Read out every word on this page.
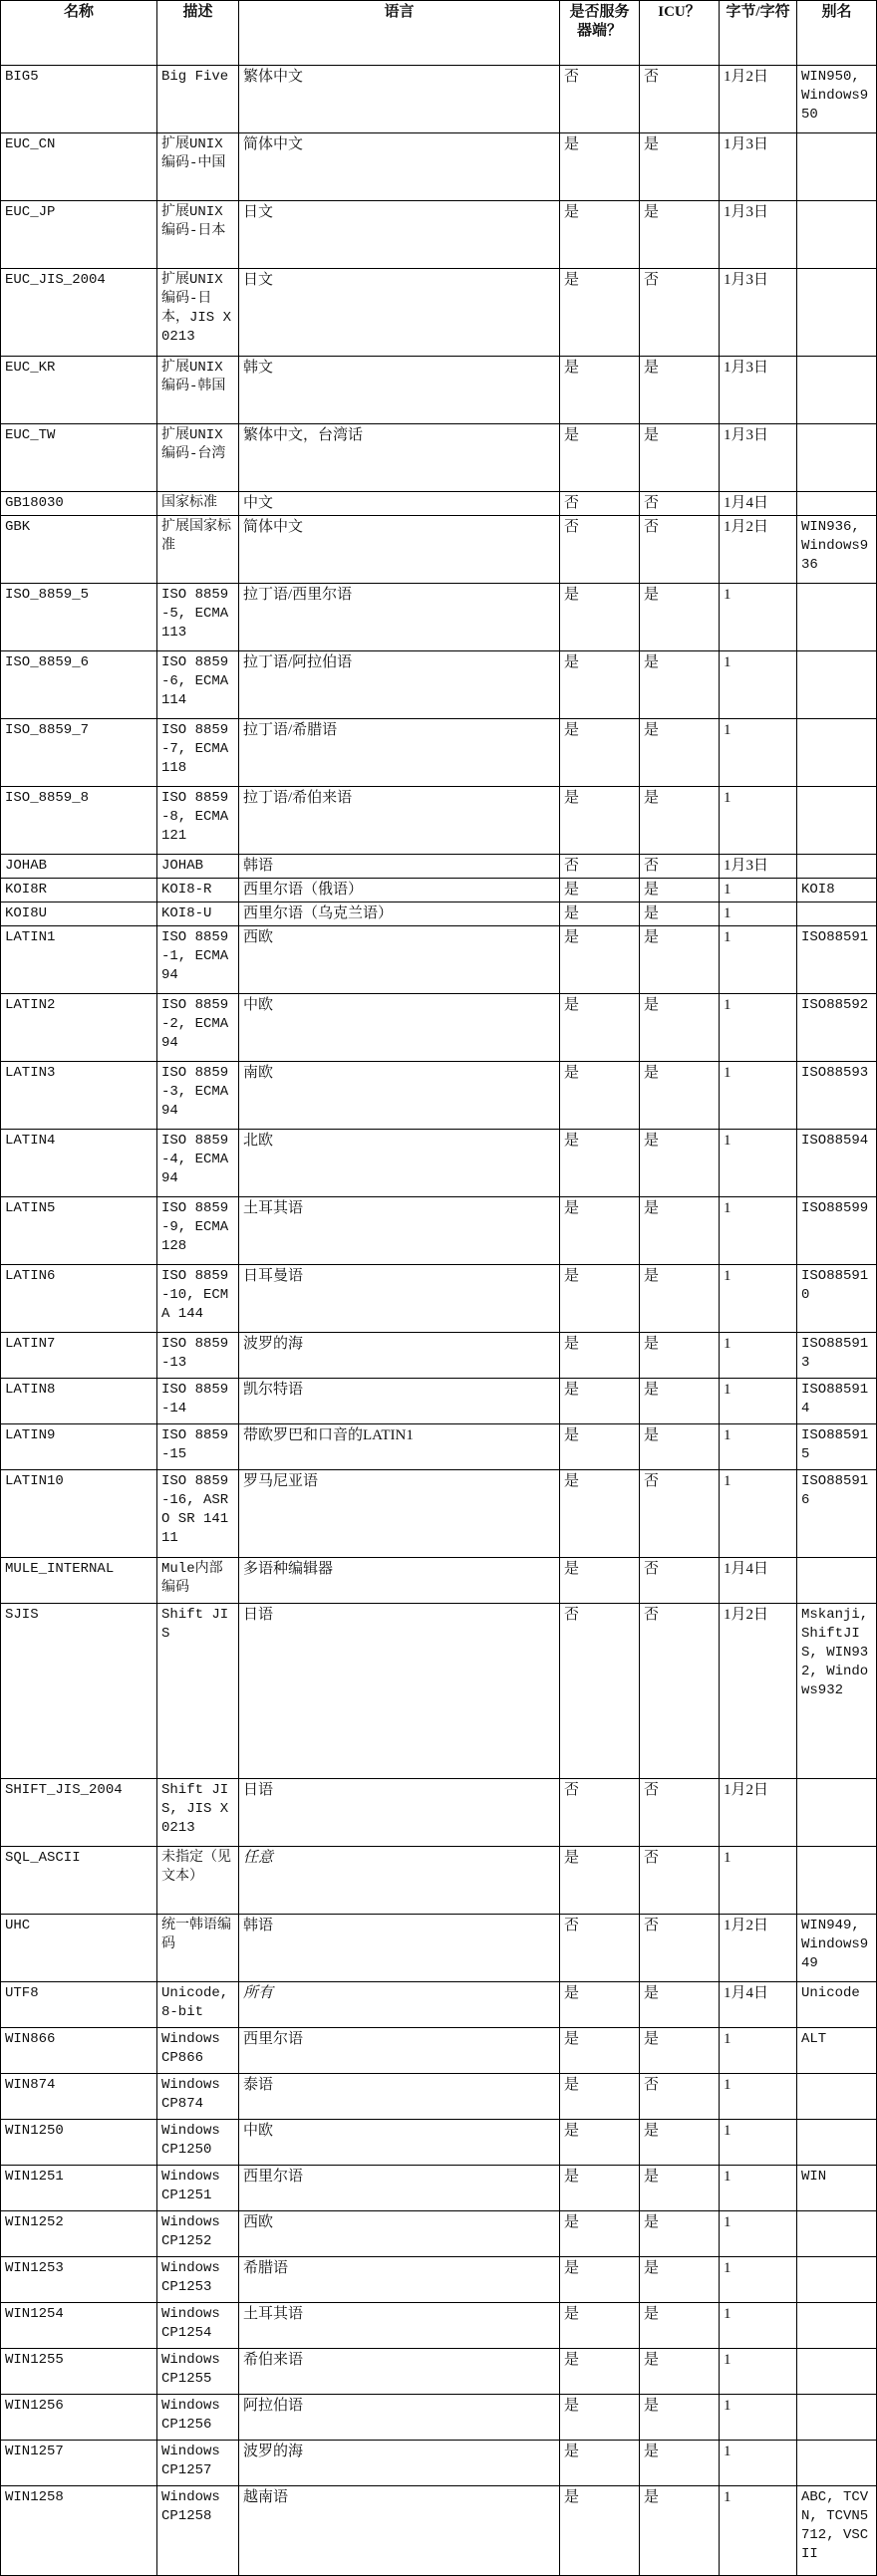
名称	描述	语言	是否服务器端？	ICU？	字节/字符	别名
BIG5	Big Five	繁体中文	否	否	1月2日	WIN950, Windows950
EUC_CN	扩展UNIX编码-中国	简体中文	是	是	1月3日	
EUC_JP	扩展UNIX编码-日本	日文	是	是	1月3日	
EUC_JIS_2004	扩展UNIX编码-日本，JIS X 0213	日文	是	否	1月3日	
EUC_KR	扩展UNIX编码-韩国	韩文	是	是	1月3日	
EUC_TW	扩展UNIX编码-台湾	繁体中文，台湾话	是	是	1月3日	
GB18030	国家标准	中文	否	否	1月4日	
GBK	扩展国家标准	简体中文	否	否	1月2日	WIN936, Windows936
ISO_8859_5	ISO 8859-5, ECMA 113	拉丁语/西里尔语	是	是	1	
ISO_8859_6	ISO 8859-6, ECMA 114	拉丁语/阿拉伯语	是	是	1	
ISO_8859_7	ISO 8859-7, ECMA 118	拉丁语/希腊语	是	是	1	
ISO_8859_8	ISO 8859-8, ECMA 121	拉丁语/希伯来语	是	是	1	
JOHAB	JOHAB	韩语	否	否	1月3日	
KOI8R	KOI8-R	西里尔语（俄语）	是	是	1	KOI8
KOI8U	KOI8-U	西里尔语（乌克兰语）	是	是	1	
LATIN1	ISO 8859-1, ECMA 94	西欧	是	是	1	ISO88591
LATIN2	ISO 8859-2, ECMA 94	中欧	是	是	1	ISO88592
LATIN3	ISO 8859-3, ECMA 94	南欧	是	是	1	ISO88593
LATIN4	ISO 8859-4, ECMA 94	北欧	是	是	1	ISO88594
LATIN5	ISO 8859-9, ECMA 128	土耳其语	是	是	1	ISO88599
LATIN6	ISO 8859-10, ECMA 144	日耳曼语	是	是	1	ISO885910
LATIN7	ISO 8859-13	波罗的海	是	是	1	ISO885913
LATIN8	ISO 8859-14	凯尔特语	是	是	1	ISO885914
LATIN9	ISO 8859-15	带欧罗巴和口音的LATIN1	是	是	1	ISO885915
LATIN10	ISO 8859-16, ASRO SR 14111	罗马尼亚语	是	否	1	ISO885916
MULE_INTERNAL	Mule内部编码	多语种编辑器	是	否	1月4日	
SJIS	Shift JIS	日语	否	否	1月2日	Mskanji, ShiftJIS, WIN932, Windows932
SHIFT_JIS_2004	Shift JIS, JIS X 0213	日语	否	否	1月2日	
SQL_ASCII	未指定（见文本）	任意	是	否	1	
UHC	统一韩语编码	韩语	否	否	1月2日	WIN949, Windows949
UTF8	Unicode, 8-bit	所有	是	是	1月4日	Unicode
WIN866	Windows CP866	西里尔语	是	是	1	ALT
WIN874	Windows CP874	泰语	是	否	1	
WIN1250	Windows CP1250	中欧	是	是	1	
WIN1251	Windows CP1251	西里尔语	是	是	1	WIN
WIN1252	Windows CP1252	西欧	是	是	1	
WIN1253	Windows CP1253	希腊语	是	是	1	
WIN1254	Windows CP1254	土耳其语	是	是	1	
WIN1255	Windows CP1255	希伯来语	是	是	1	
WIN1256	Windows CP1256	阿拉伯语	是	是	1	
WIN1257	Windows CP1257	波罗的海	是	是	1	
WIN1258	Windows CP1258	越南语	是	是	1	ABC, TCVN, TCVN5712, VSCII
